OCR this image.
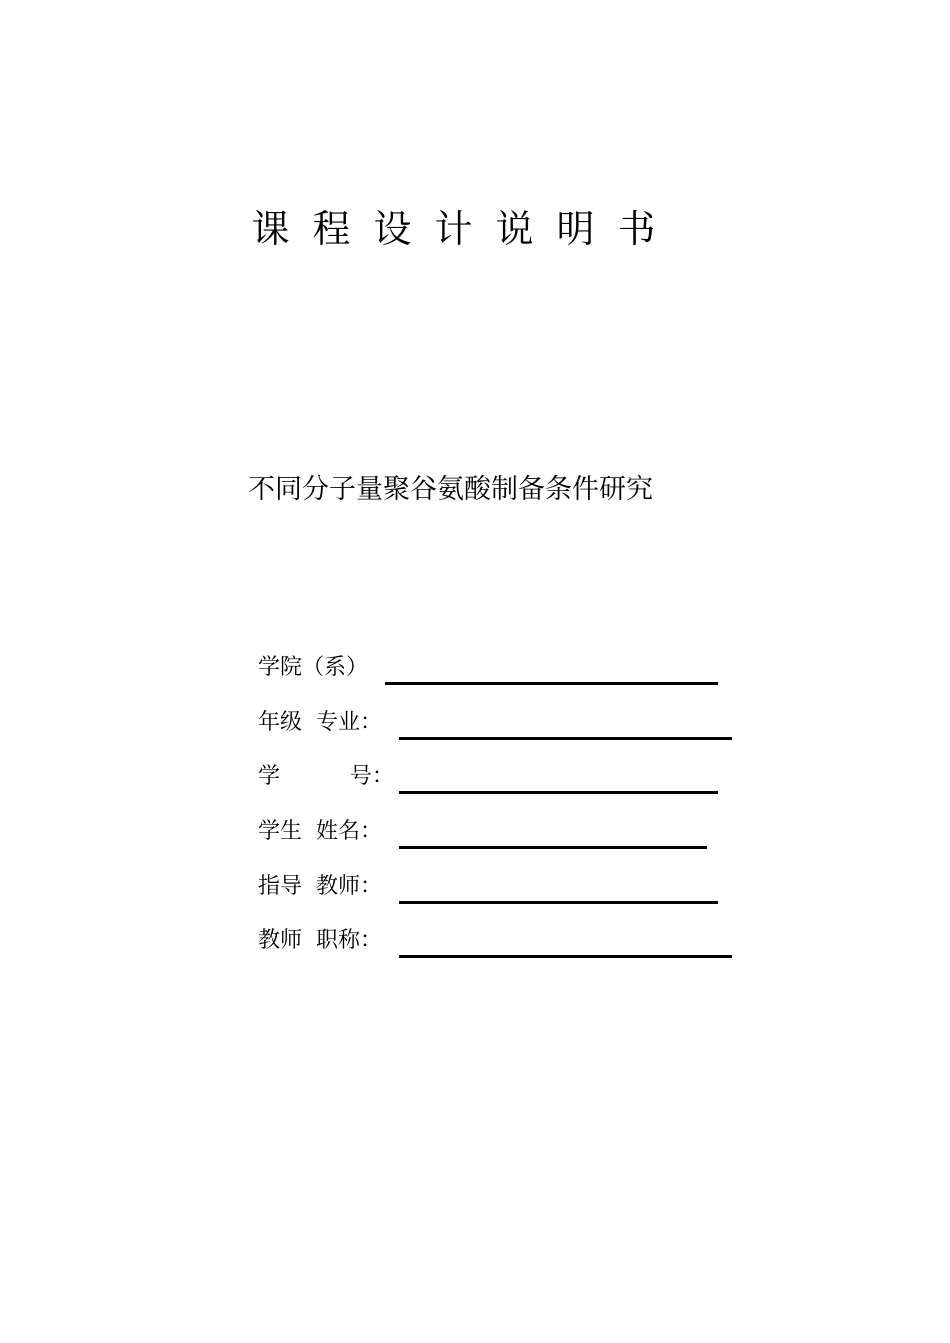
课程设计说明书
不同分子量聚谷氨酸制备条件研究
学院（系）
年级  专业：
学          号：
学生  姓名：
指导  教师：
教师  职称：
